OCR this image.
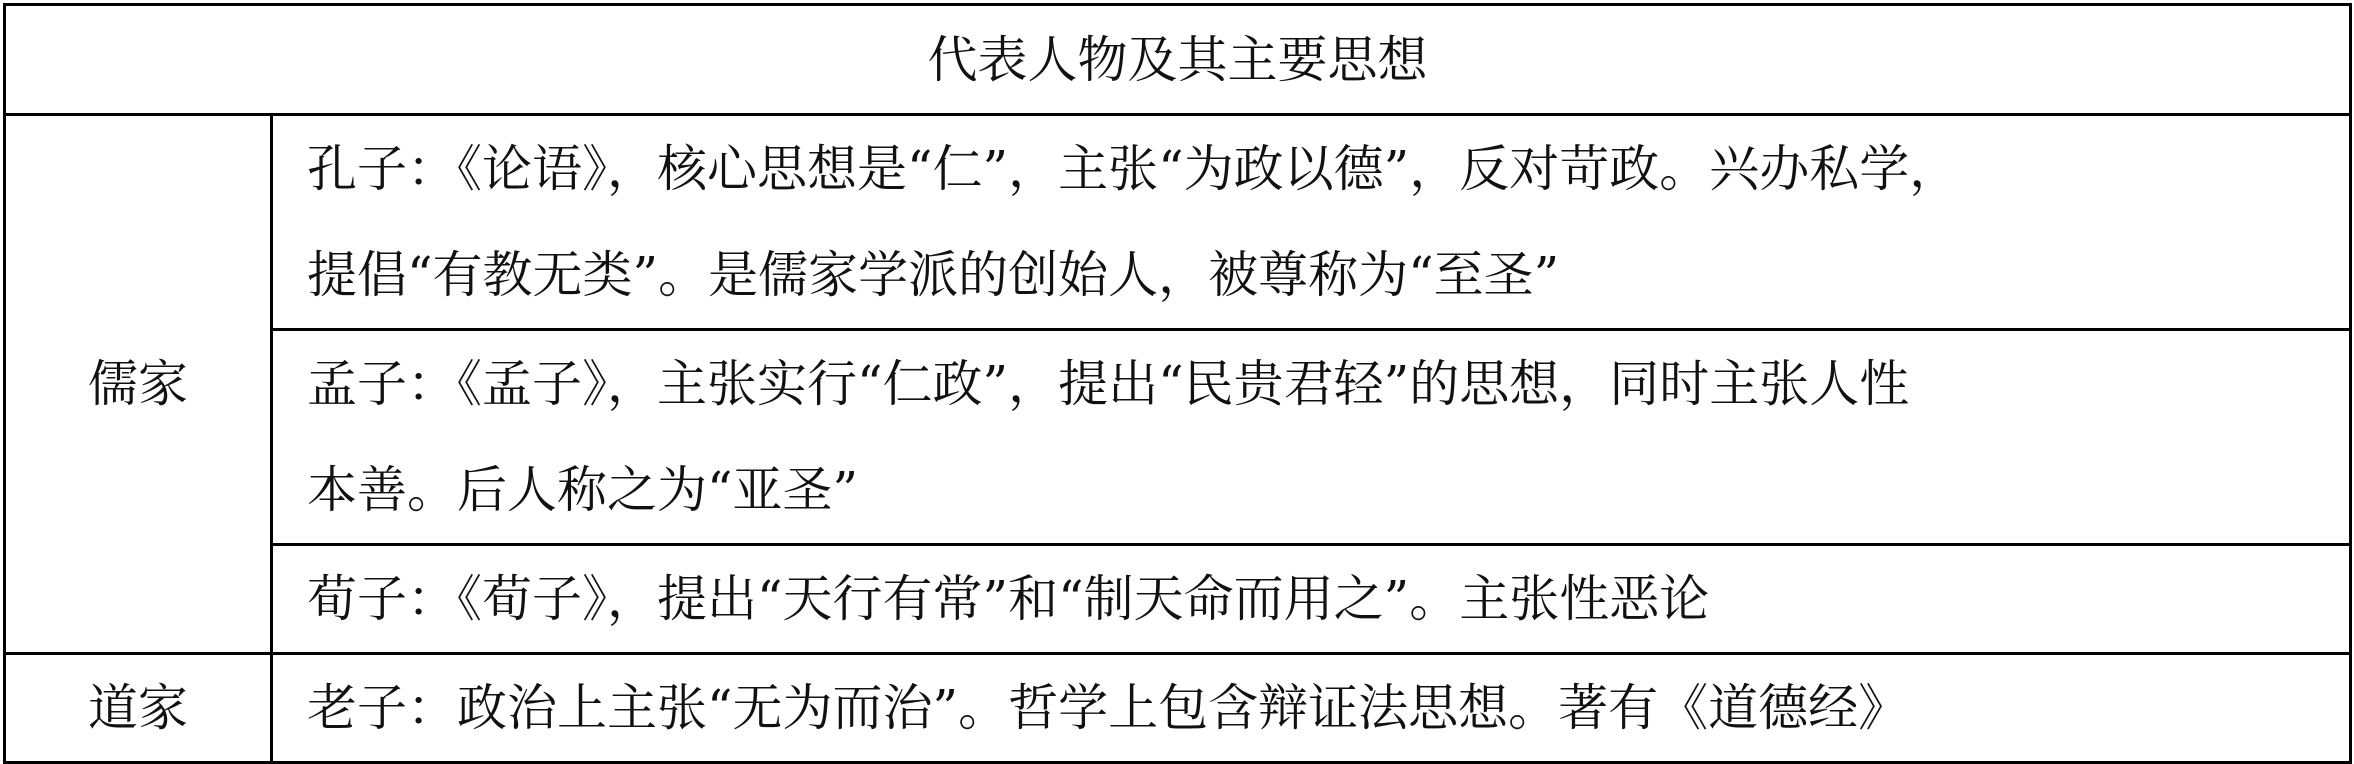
代表人物及其主要思想	
儒家	孔子：《论语》，核心思想是“仁”，主张“为政以德”，反对苛政。兴办私学，
提倡“有教无类”。是儒家学派的创始人，被尊称为“至圣”

	孟子：《孟子》，主张实行“仁政”，提出“民贵君轻”的思想，同时主张人性
本善。后人称之为“亚圣”

	荀子：《荀子》，提出“天行有常”和“制天命而用之”。主张性恶论

道家	老子：政治上主张“无为而治”。哲学上包含辩证法思想。著有《道德经》
